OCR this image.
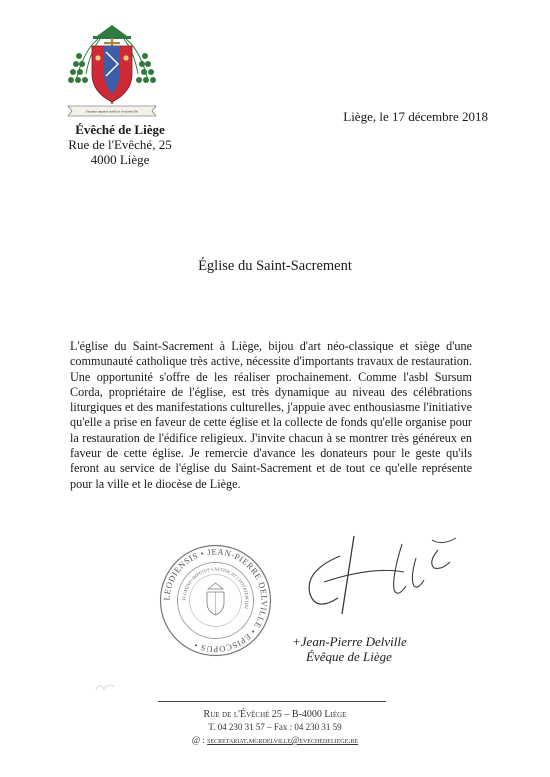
Fluminis impetus laetificat civitatem Dei
Évêché de Liège
Rue de l'Evêché, 25
4000 Liège
Liège, le 17 décembre 2018
Église du Saint-Sacrement
L'église du Saint-Sacrement à Liège, bijou d'art néo-classique et siège d'une communauté catholique très active, nécessite d'importants travaux de restauration. Une opportunité s'offre de les réaliser prochainement. Comme l'asbl Sursum Corda, propriétaire de l'église, est très dynamique au niveau des célébrations liturgiques et des manifestations culturelles, j'appuie avec enthousiasme l'initiative qu'elle a prise en faveur de cette église et la collecte de fonds qu'elle organise pour la restauration de l'édifice religieux. J'invite chacun à se montrer très généreux en faveur de cette église. Je remercie d'avance les donateurs pour le geste qu'ils feront au service de l'église du Saint-Sacrement et de tout ce qu'elle représente pour la ville et le diocèse de Liège.
LEODIENSIS • JEAN-PIERRE DELVILLE • EPISCOPUS •
FLUMINIS IMPETUS LAETIFICAT CIVITATEM DEI
+Jean-Pierre Delville
Évêque de Liège
Rue de l'Évêché 25 – B-4000 Liège
T. 04 230 31 57 – Fax : 04 230 31 59
@ : secretariat.mgrdelville@evechedeliege.be
